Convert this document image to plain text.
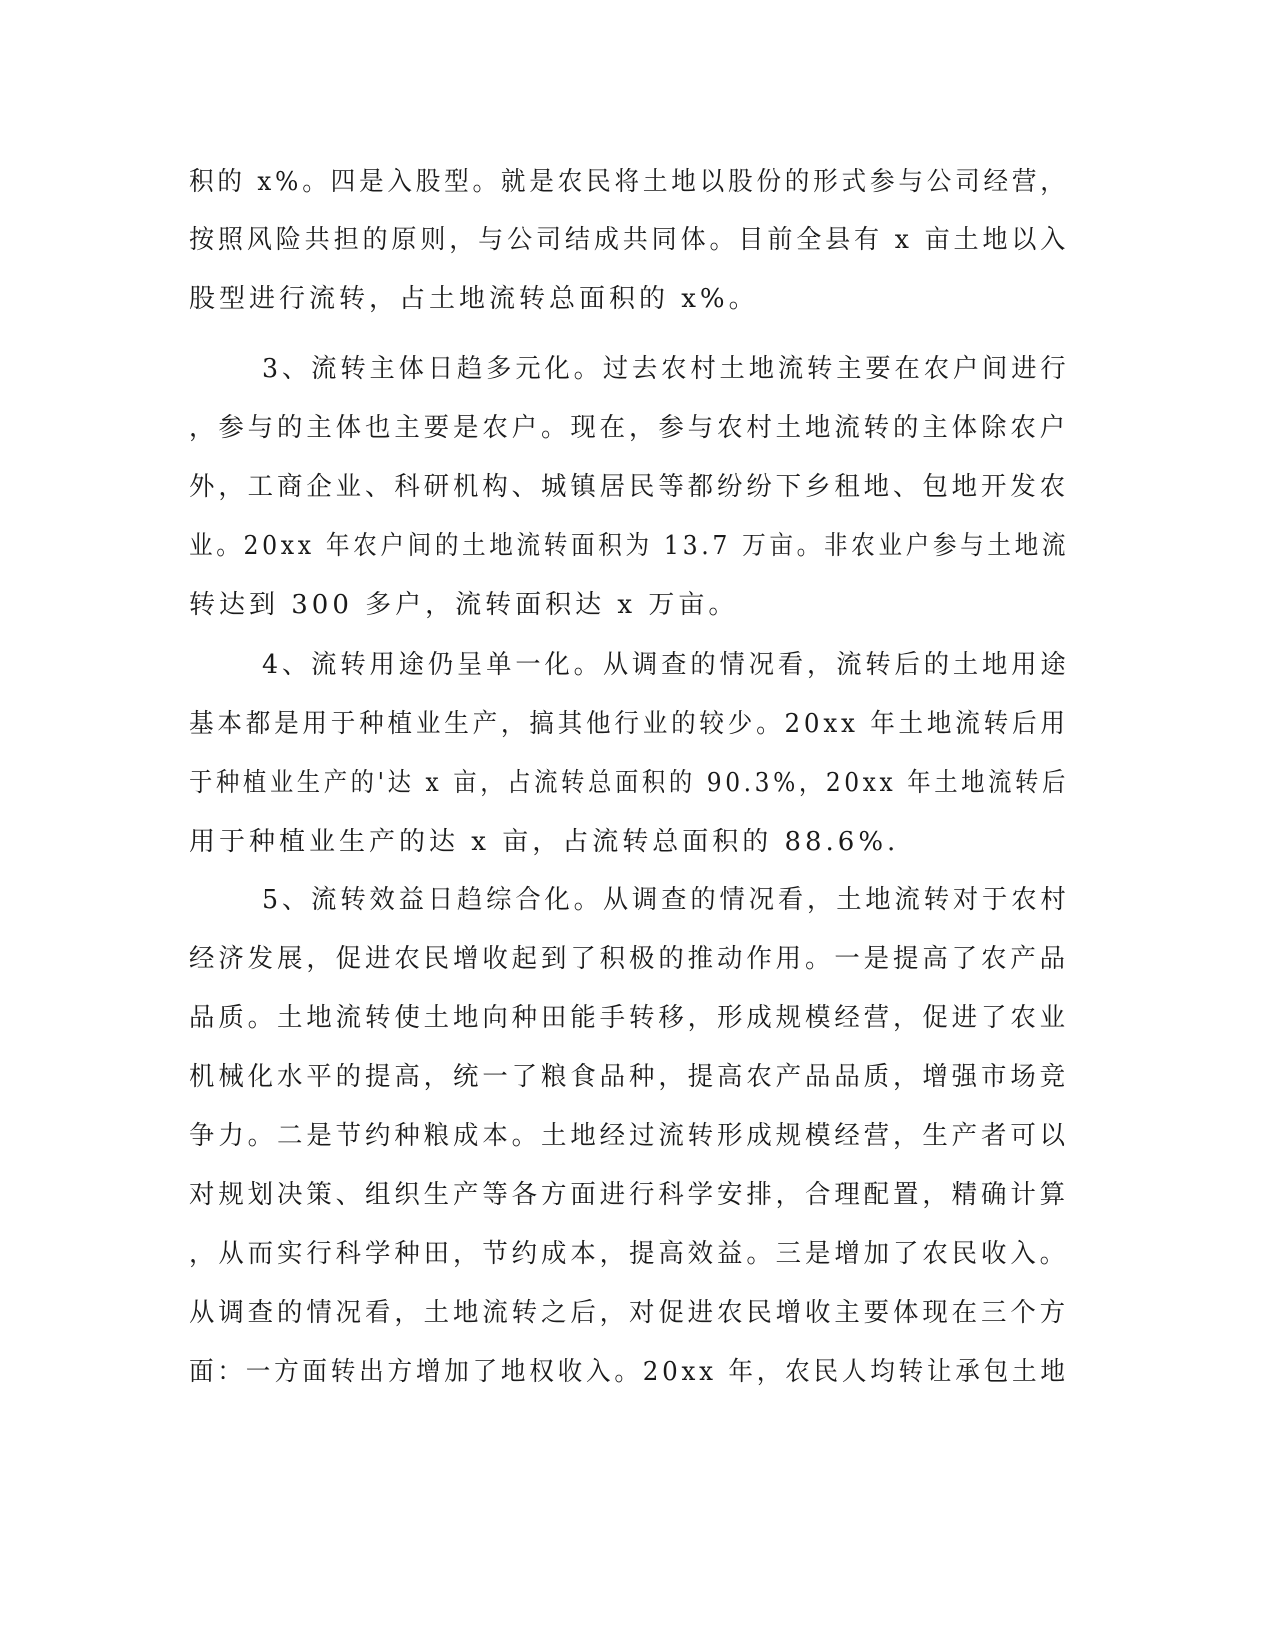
积的 x%。四是入股型。就是农民将土地以股份的形式参与公司经营，
按照风险共担的原则，与公司结成共同体。目前全县有 x 亩土地以入
股型进行流转，占土地流转总面积的 x%。
3、流转主体日趋多元化。过去农村土地流转主要在农户间进行
，参与的主体也主要是农户。现在，参与农村土地流转的主体除农户
外，工商企业、科研机构、城镇居民等都纷纷下乡租地、包地开发农
业。20xx 年农户间的土地流转面积为 13.7 万亩。非农业户参与土地流
转达到 300 多户，流转面积达 x 万亩。
4、流转用途仍呈单一化。从调查的情况看，流转后的土地用途
基本都是用于种植业生产，搞其他行业的较少。20xx 年土地流转后用
于种植业生产的'达 x 亩，占流转总面积的 90.3%，20xx 年土地流转后
用于种植业生产的达 x 亩，占流转总面积的 88.6%.
5、流转效益日趋综合化。从调查的情况看，土地流转对于农村
经济发展，促进农民增收起到了积极的推动作用。一是提高了农产品
品质。土地流转使土地向种田能手转移，形成规模经营，促进了农业
机械化水平的提高，统一了粮食品种，提高农产品品质，增强市场竞
争力。二是节约种粮成本。土地经过流转形成规模经营，生产者可以
对规划决策、组织生产等各方面进行科学安排，合理配置，精确计算
，从而实行科学种田，节约成本，提高效益。三是增加了农民收入。
从调查的情况看，土地流转之后，对促进农民增收主要体现在三个方
面：一方面转出方增加了地权收入。20xx 年，农民人均转让承包土地
